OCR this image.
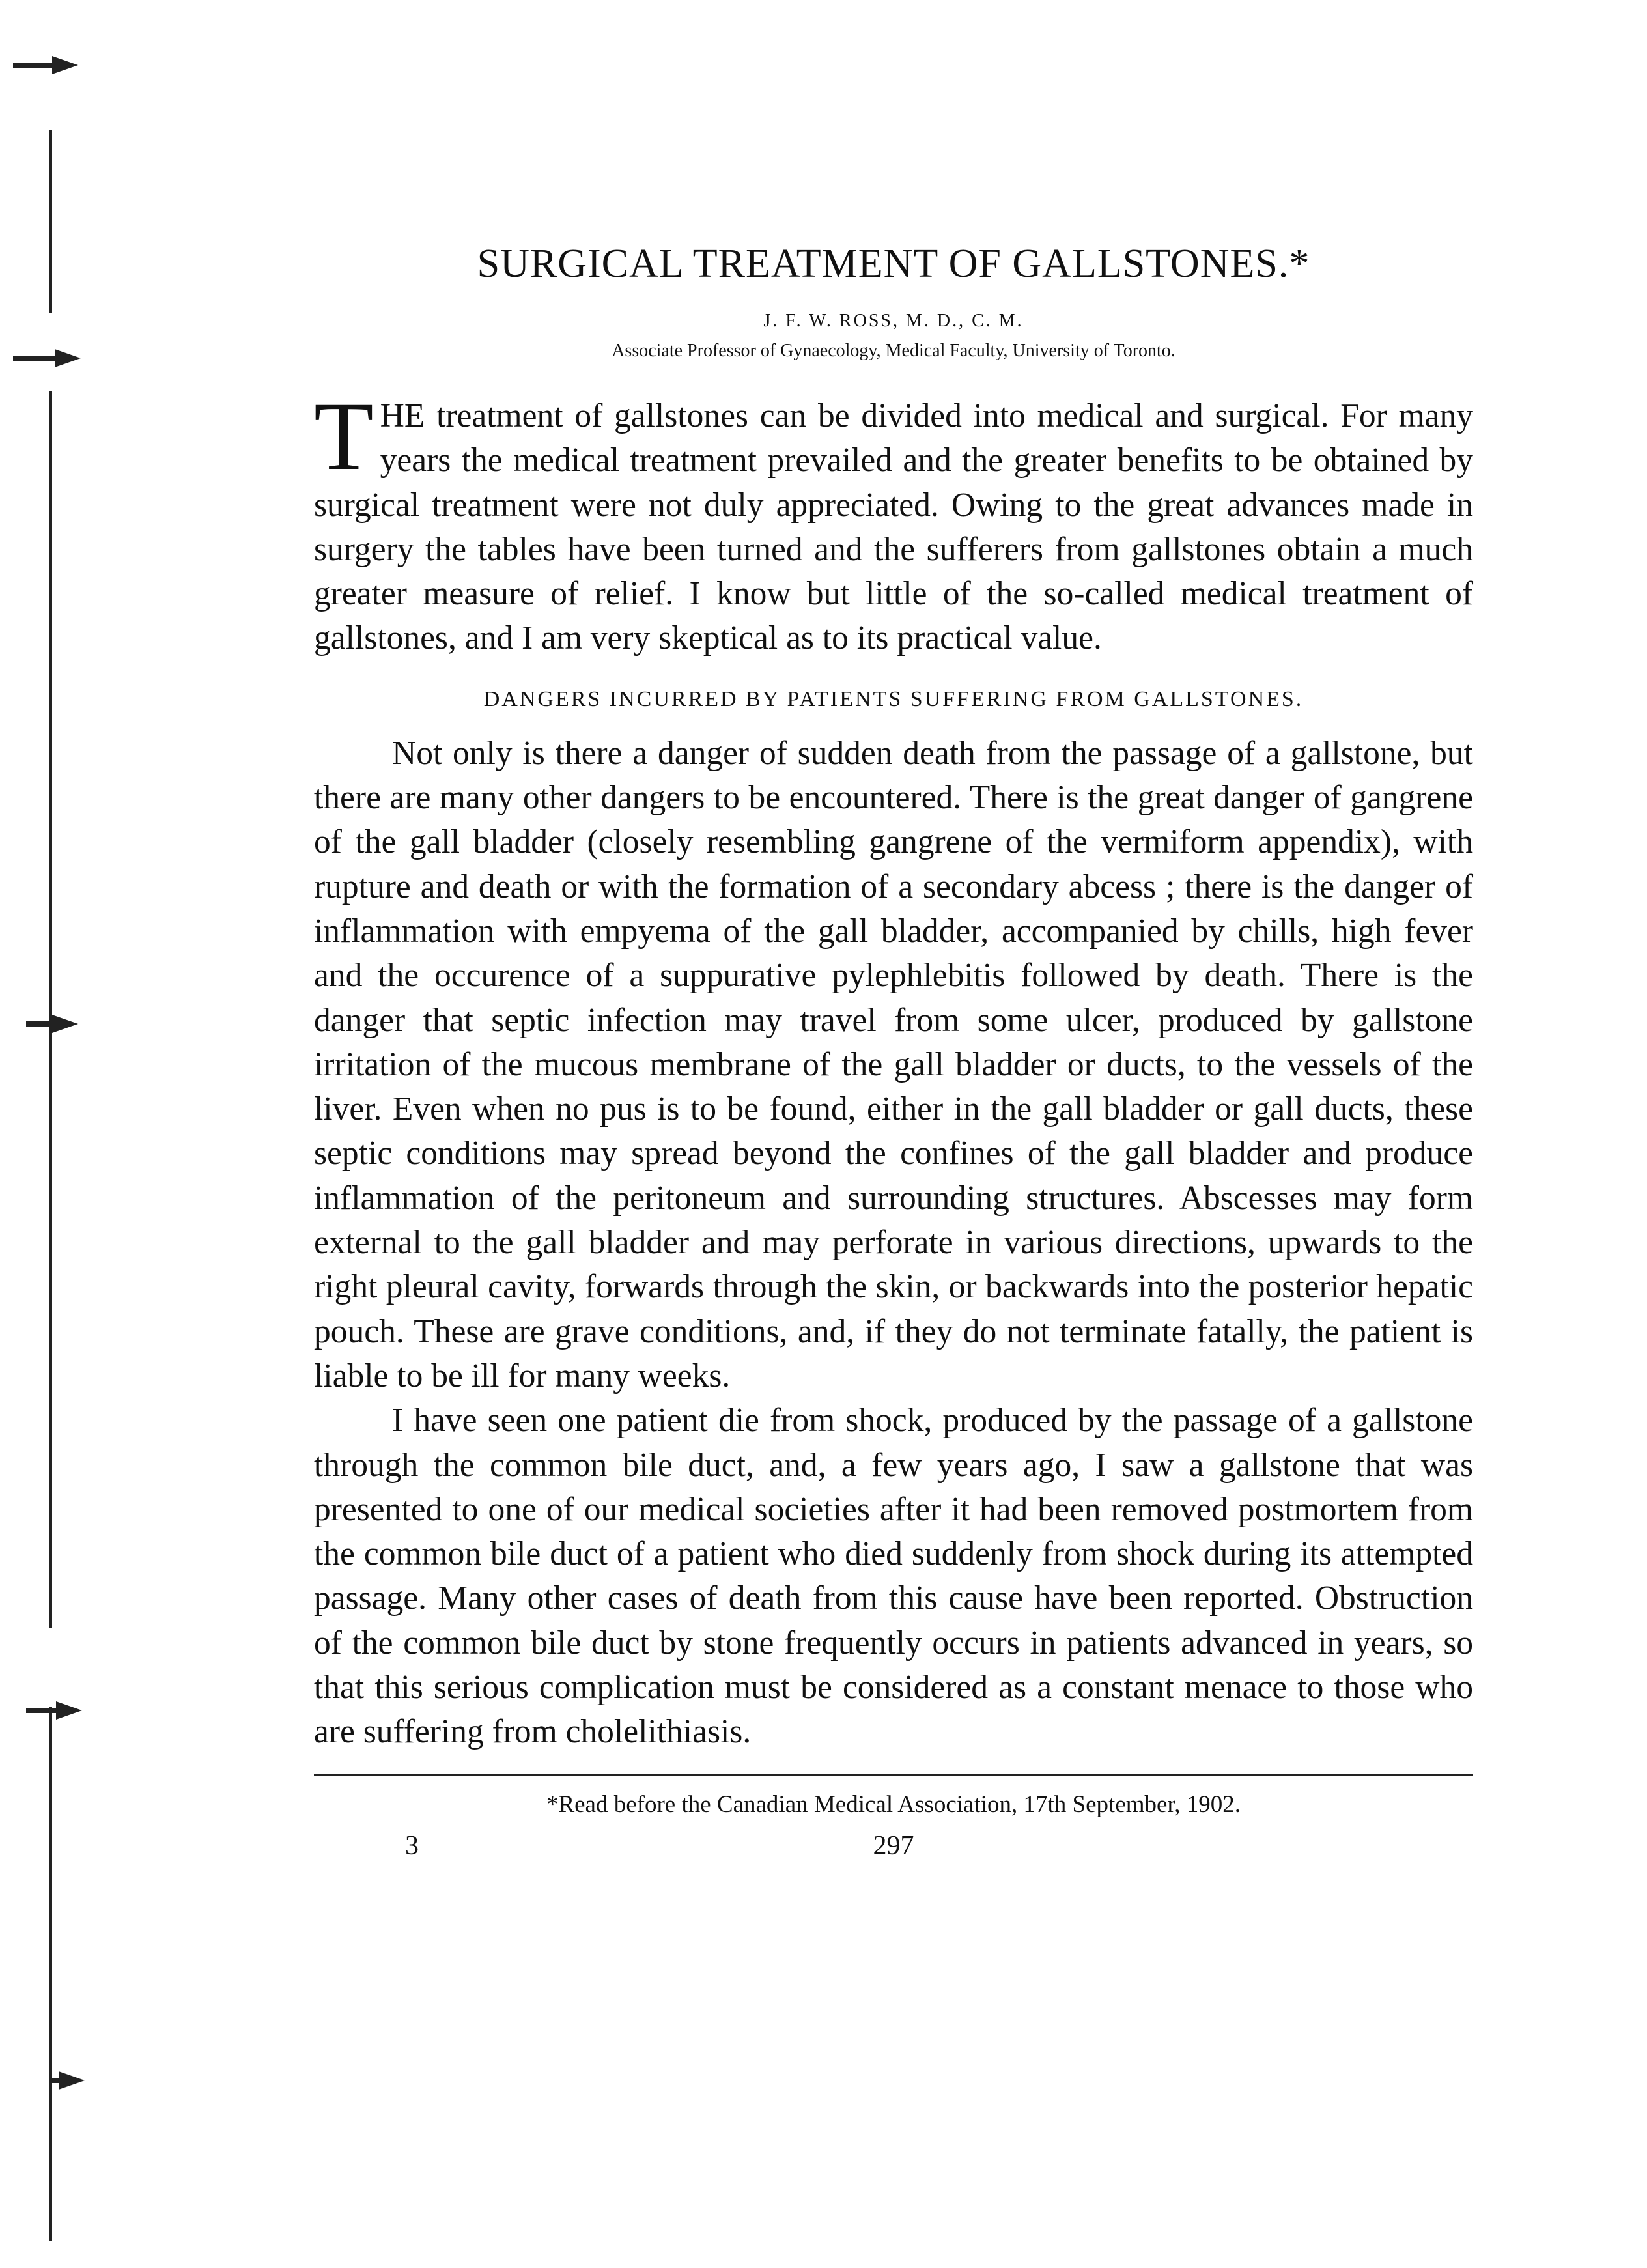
SURGICAL TREATMENT OF GALLSTONES.*
J. F. W. ROSS, M. D., C. M.
Associate Professor of Gynaecology, Medical Faculty, University of Toronto.

THE treatment of gallstones can be divided into medical and surgical. For many years the medical treatment prevailed and the greater benefits to be obtained by surgical treatment were not duly appreciated. Owing to the great advances made in surgery the tables have been turned and the sufferers from gallstones obtain a much greater measure of relief. I know but little of the so-called medical treatment of gallstones, and I am very skeptical as to its practical value.

DANGERS INCURRED BY PATIENTS SUFFERING FROM GALLSTONES.

Not only is there a danger of sudden death from the passage of a gallstone, but there are many other dangers to be encountered. There is the great danger of gangrene of the gall bladder (closely resembling gangrene of the vermiform appendix), with rupture and death or with the formation of a secondary abcess ; there is the danger of inflammation with empyema of the gall bladder, accompanied by chills, high fever and the occurence of a suppurative pylephlebitis followed by death. There is the danger that septic infection may travel from some ulcer, produced by gallstone irritation of the mucous membrane of the gall bladder or ducts, to the vessels of the liver. Even when no pus is to be found, either in the gall bladder or gall ducts, these septic conditions may spread beyond the confines of the gall bladder and produce inflammation of the peritoneum and surrounding structures. Abscesses may form external to the gall bladder and may perforate in various directions, upwards to the right pleural cavity, forwards through the skin, or backwards into the posterior hepatic pouch. These are grave conditions, and, if they do not terminate fatally, the patient is liable to be ill for many weeks.

I have seen one patient die from shock, produced by the passage of a gallstone through the common bile duct, and, a few years ago, I saw a gallstone that was presented to one of our medical societies after it had been removed postmortem from the common bile duct of a patient who died suddenly from shock during its attempted passage. Many other cases of death from this cause have been reported. Obstruction of the common bile duct by stone frequently occurs in patients advanced in years, so that this serious complication must be considered as a constant menace to those who are suffering from cholelithiasis.

*Read before the Canadian Medical Association, 17th September, 1902.
3	297
